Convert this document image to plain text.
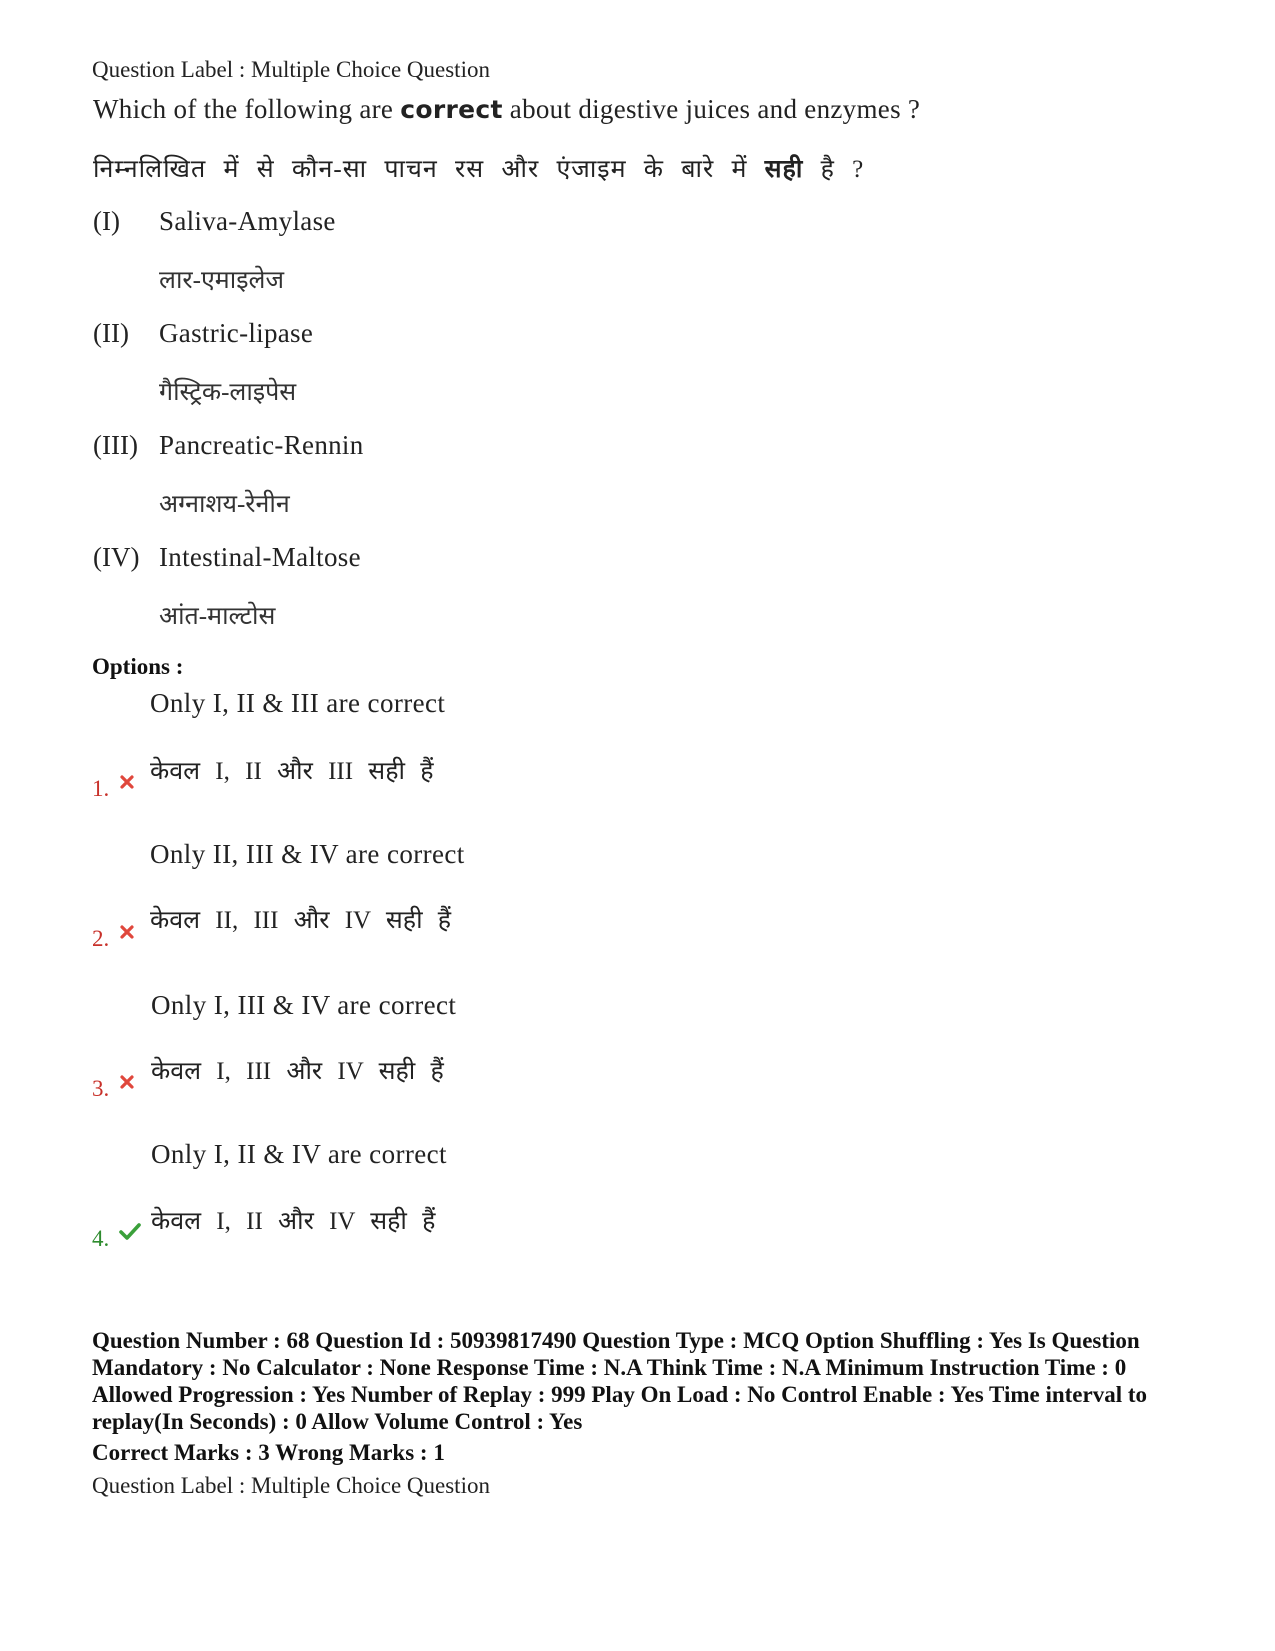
Question Label : Multiple Choice Question
Which of the following are correct about digestive juices and enzymes ?
निम्नलिखित में से कौन-सा पाचन रस और एंजाइम के बारे में सही है ?
(I) Saliva-Amylase
लार-एमाइलेज
(II) Gastric-lipase
गैस्ट्रिक-लाइपेस
(III) Pancreatic-Rennin
अग्नाशय-रेनीन
(IV) Intestinal-Maltose
आंत-माल्टोस
Options :
Only I, II & III are correct
केवल I, II और III सही हैं
1.
Only II, III & IV are correct
केवल II, III और IV सही हैं
2.
Only I, III & IV are correct
केवल I, III और IV सही हैं
3.
Only I, II & IV are correct
केवल I, II और IV सही हैं
4.
Question Number : 68 Question Id : 50939817490 Question Type : MCQ Option Shuffling : Yes Is Question Mandatory : No Calculator : None Response Time : N.A Think Time : N.A Minimum Instruction Time : 0 Allowed Progression : Yes Number of Replay : 999 Play On Load : No Control Enable : Yes Time interval to replay(In Seconds) : 0 Allow Volume Control : Yes
Correct Marks : 3 Wrong Marks : 1
Question Label : Multiple Choice Question
